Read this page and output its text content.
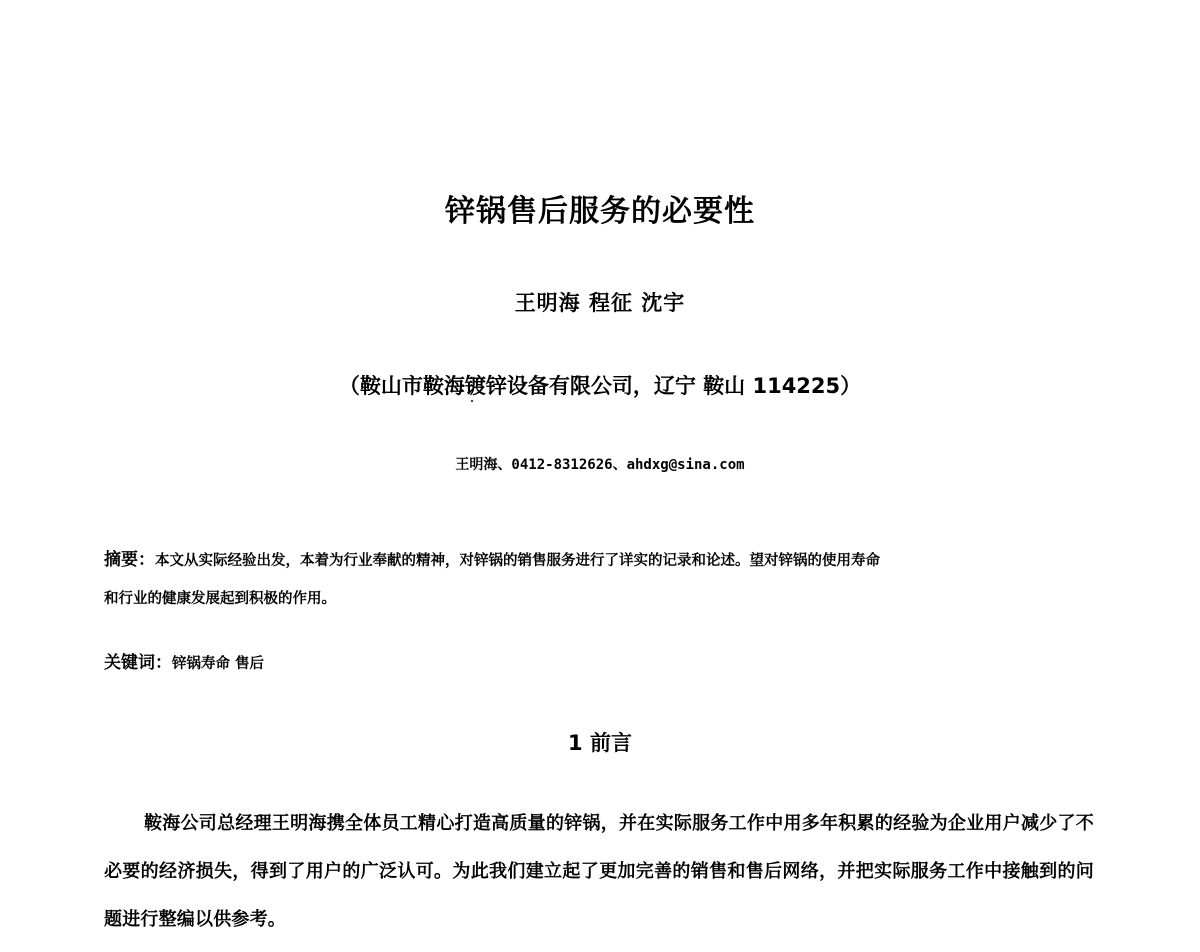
锌锅售后服务的必要性
王明海 程征 沈宇
（鞍山市鞍海镀锌设备有限公司，辽宁 鞍山 114225）
王明海、0412-8312626、ahdxg@sina.com
摘要：本文从实际经验出发，本着为行业奉献的精神，对锌锅的销售服务进行了详实的记录和论述。望对锌锅的使用寿命
和行业的健康发展起到积极的作用。
关键词：锌锅寿命 售后
1 前言

鞍海公司总经理王明海携全体员工精心打造高质量的锌锅，并在实际服务工作中用多年积累的经验为企业用户减少了不必要的经济损失，得到了用户的广泛认可。为此我们建立起了更加完善的销售和售后网络，并把实际服务工作中接触到的问题进行整编以供参考。
